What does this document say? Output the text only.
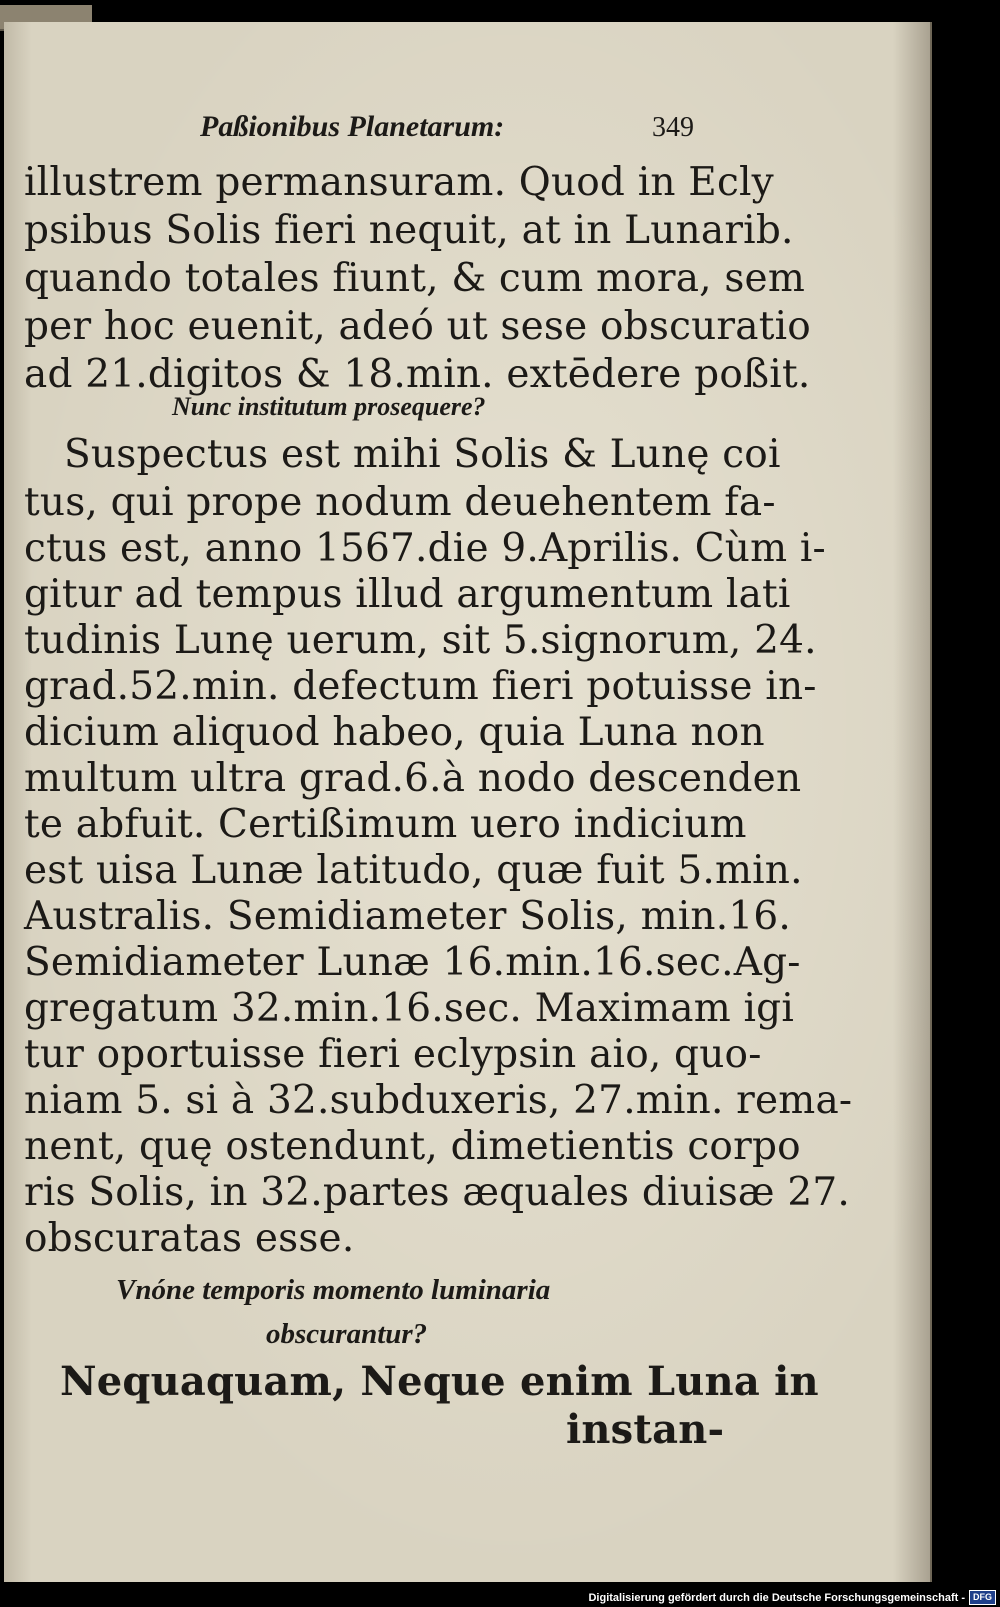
Paßionibus Planetarum:	349

illustrem permansuram. Quod in Ecly

psibus Solis fieri nequit, at in Lunarib.

quando totales fiunt, & cum mora, sem

per hoc euenit, adeó ut sese obscuratio

ad 21.digitos & 18.min. extēdere poßit.

Nunc institutum prosequere?

Suspectus est mihi Solis & Lunę coi

tus, qui prope nodum deuehentem fa-

ctus est, anno 1567.die 9.Aprilis. Cùm i-

gitur ad tempus illud argumentum lati

tudinis Lunę uerum, sit 5.signorum, 24.

grad.52.min. defectum fieri potuisse in-

dicium aliquod habeo, quia Luna non

multum ultra grad.6.à nodo descenden

te abfuit. Certißimum uero indicium

est uisa Lunæ latitudo, quæ fuit 5.min.

Australis. Semidiameter Solis, min.16.

Semidiameter Lunæ 16.min.16.sec.Ag-

gregatum 32.min.16.sec. Maximam igi

tur oportuisse fieri eclypsin aio, quo-

niam 5. si à 32.subduxeris, 27.min. rema-

nent, quę ostendunt, dimetientis corpo

ris Solis, in 32.partes æquales diuisæ 27.

obscuratas esse.

Vnóne temporis momento luminaria

obscurantur?

Nequaquam, Neque enim Luna in

instan-

Digitalisierung gefördert durch die Deutsche Forschungsgemeinschaft - DFG
